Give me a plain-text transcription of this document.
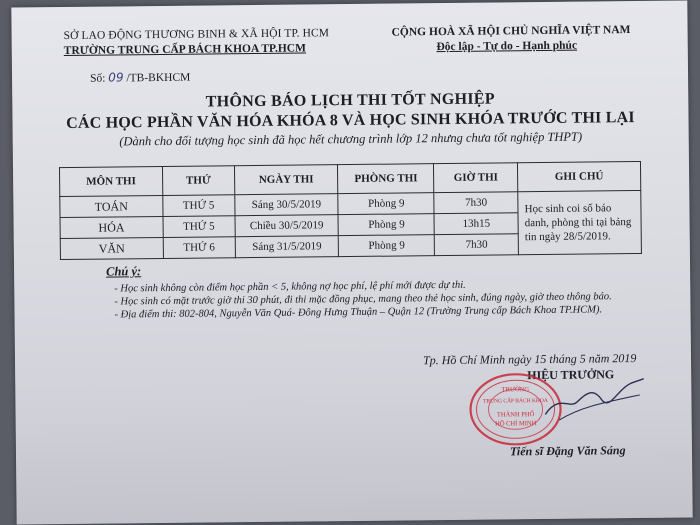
SỞ LAO ĐỘNG THƯƠNG BINH & XÃ HỘI TP. HCM
TRƯỜNG TRUNG CẤP BÁCH KHOA TP.HCM
CỘNG HOÀ XÃ HỘI CHỦ NGHĨA VIỆT NAM
Độc lập - Tự do - Hạnh phúc
Số: 09 /TB-BKHCM
THÔNG BÁO LỊCH THI TỐT NGHIỆP
CÁC HỌC PHẦN VĂN HÓA KHÓA 8 VÀ HỌC SINH KHÓA TRƯỚC THI LẠI
(Dành cho đối tượng học sinh đã học hết chương trình lớp 12 nhưng chưa tốt nghiệp THPT)
MÔN THI	THỨ	NGÀY THI	PHÒNG THI	GIỜ THI	GHI CHÚ
TOÁN	THỨ 5	Sáng 30/5/2019	Phòng 9	7h30	Học sinh coi số báo danh, phòng thi tại bảng tin ngày 28/5/2019.
HÓA	THỨ 5	Chiều 30/5/2019	Phòng 9	13h15	
VĂN	THỨ 6	Sáng 31/5/2019	Phòng 9	7h30	
Chú ý:
- Học sinh không còn điểm học phần < 5, không nợ học phí, lệ phí mới được dự thi.
- Học sinh có mặt trước giờ thi 30 phút, đi thi mặc đồng phục, mang theo thẻ học sinh, đúng ngày, giờ theo thông báo.
- Địa điểm thi: 802-804, Nguyễn Văn Quá- Đông Hưng Thuận – Quận 12 (Trường Trung cấp Bách Khoa TP.HCM).
Tp. Hồ Chí Minh ngày 15 tháng 5 năm 2019
HIỆU TRƯỞNG
TRƯỜNG
TRUNG CẤP BÁCH KHOA
THÀNH PHỐ
HỒ CHÍ MINH
Tiến sĩ Đặng Văn Sáng
